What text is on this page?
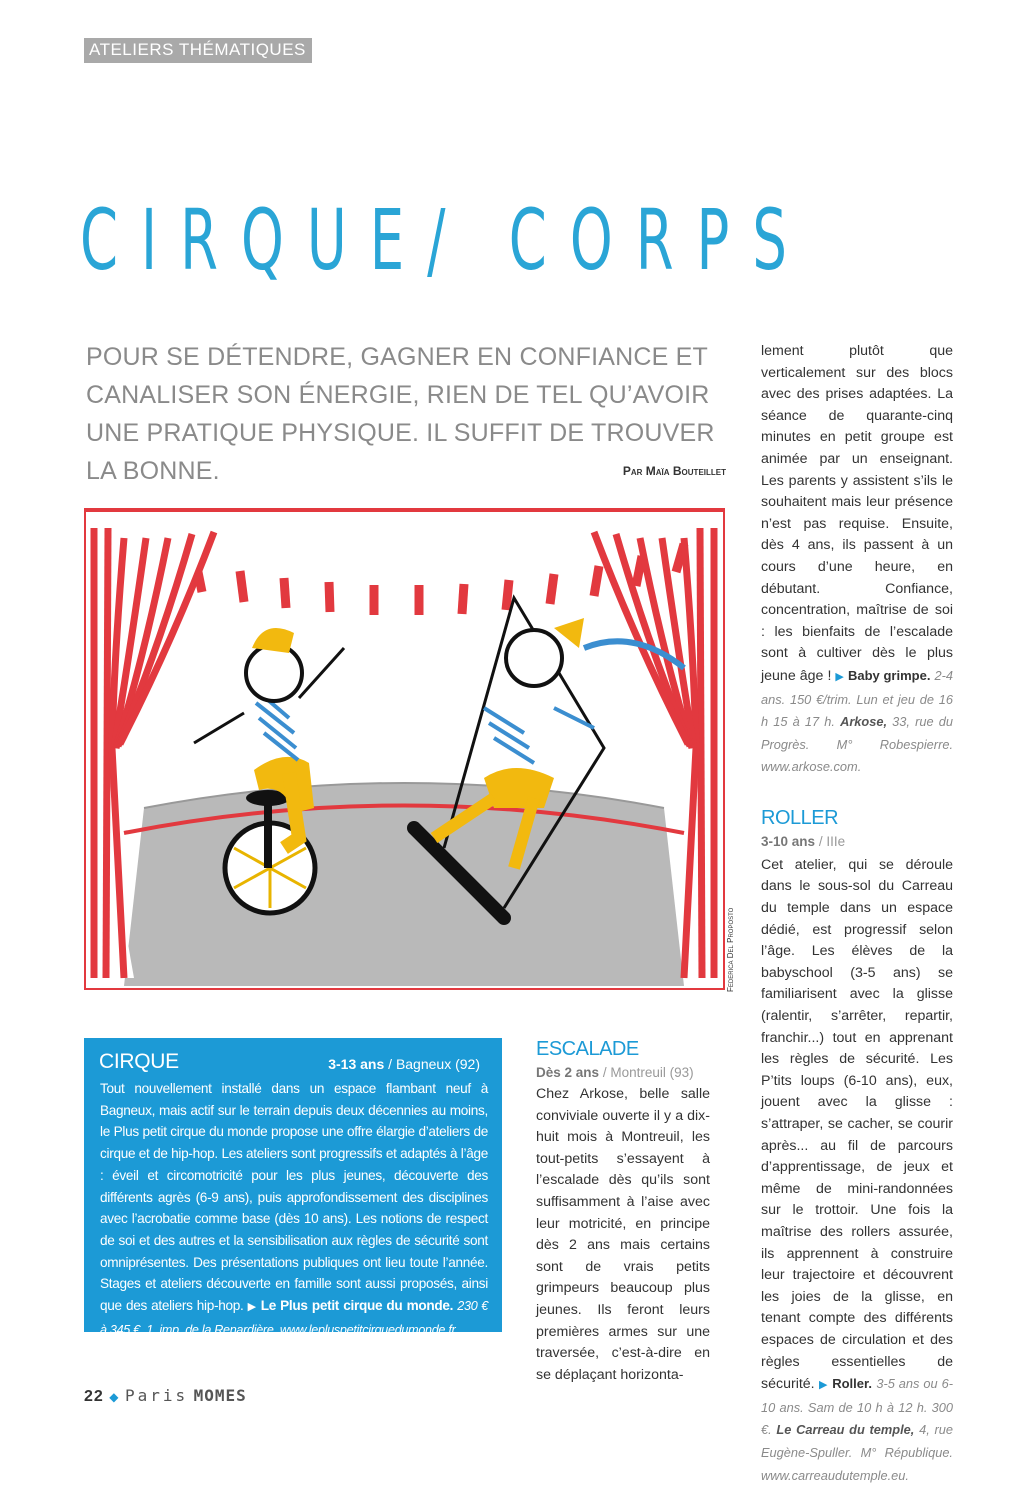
ATELIERS THÉMATIQUES
CIRQUE/ CORPS

POUR SE DÉTENDRE, GAGNER EN CONFIANCE ET CANALISER SON ÉNERGIE, RIEN DE TEL QU’AVOIR UNE PRATIQUE PHYSIQUE. IL SUFFIT DE TROUVER LA BONNE.	Par Maïa Bouteillet
Federica Del Proposto
CIRQUE	3-13 ans / Bagneux (92)
Tout nouvellement installé dans un espace flambant neuf à Bagneux, mais actif sur le terrain depuis deux décennies au moins, le Plus petit cirque du monde propose une offre élargie d’ateliers de cirque et de hip-hop. Les ateliers sont progressifs et adaptés à l’âge : éveil et circomotricité pour les plus jeunes, découverte des différents agrès (6-9 ans), puis approfondissement des disciplines avec l’acrobatie comme base (dès 10 ans). Les notions de respect de soi et des autres et la sensibilisation aux règles de sécurité sont omniprésentes. Des présentations publiques ont lieu toute l’année. Stages et ateliers découverte en famille sont aussi proposés, ainsi que des ateliers hip-hop. ▶ Le Plus petit cirque du monde. 230 € à 345 €. 1, imp. de la Renardière. www.lepluspetitcirquedumonde.fr.
ESCALADE
Dès 2 ans / Montreuil (93)
Chez Arkose, belle salle conviviale ouverte il y a dix-huit mois à Montreuil, les tout-petits s’essayent à l’escalade dès qu’ils sont suffisamment à l’aise avec leur motricité, en principe dès 2 ans mais certains sont de vrais petits grimpeurs beaucoup plus jeunes. Ils feront leurs premières armes sur une traversée, c’est-à-dire en se déplaçant horizonta-
lement plutôt que verticalement sur des blocs avec des prises adaptées. La séance de quarante-cinq minutes en petit groupe est animée par un enseignant. Les parents y assistent s’ils le souhaitent mais leur présence n’est pas requise. Ensuite, dès 4 ans, ils passent à un cours d’une heure, en débutant. Confiance, concentration, maîtrise de soi : les bienfaits de l’escalade sont à cultiver dès le plus jeune âge ! ▶ Baby grimpe. 2-4 ans. 150 €/trim. Lun et jeu de 16 h 15 à 17 h. Arkose, 33, rue du Progrès. M° Robespierre. www.arkose.com.
ROLLER
3-10 ans / IIIe
Cet atelier, qui se déroule dans le sous-sol du Carreau du temple dans un espace dédié, est progressif selon l’âge. Les élèves de la babyschool (3-5 ans) se familiarisent avec la glisse (ralentir, s’arrêter, repartir, franchir...) tout en apprenant les règles de sécurité. Les P’tits loups (6-10 ans), eux, jouent avec la glisse : s’attraper, se cacher, se courir après... au fil de parcours d’apprentissage, de jeux et même de mini-randonnées sur le trottoir. Une fois la maîtrise des rollers assurée, ils apprennent à construire leur trajectoire et découvrent les joies de la glisse, en tenant compte des différents espaces de circulation et des règles essentielles de sécurité. ▶ Roller. 3-5 ans ou 6-10 ans. Sam de 10 h à 12 h. 300 €. Le Carreau du temple, 4, rue Eugène-Spuller. M° République. www.carreaudutemple.eu.
22 ◆ Paris MOMES
